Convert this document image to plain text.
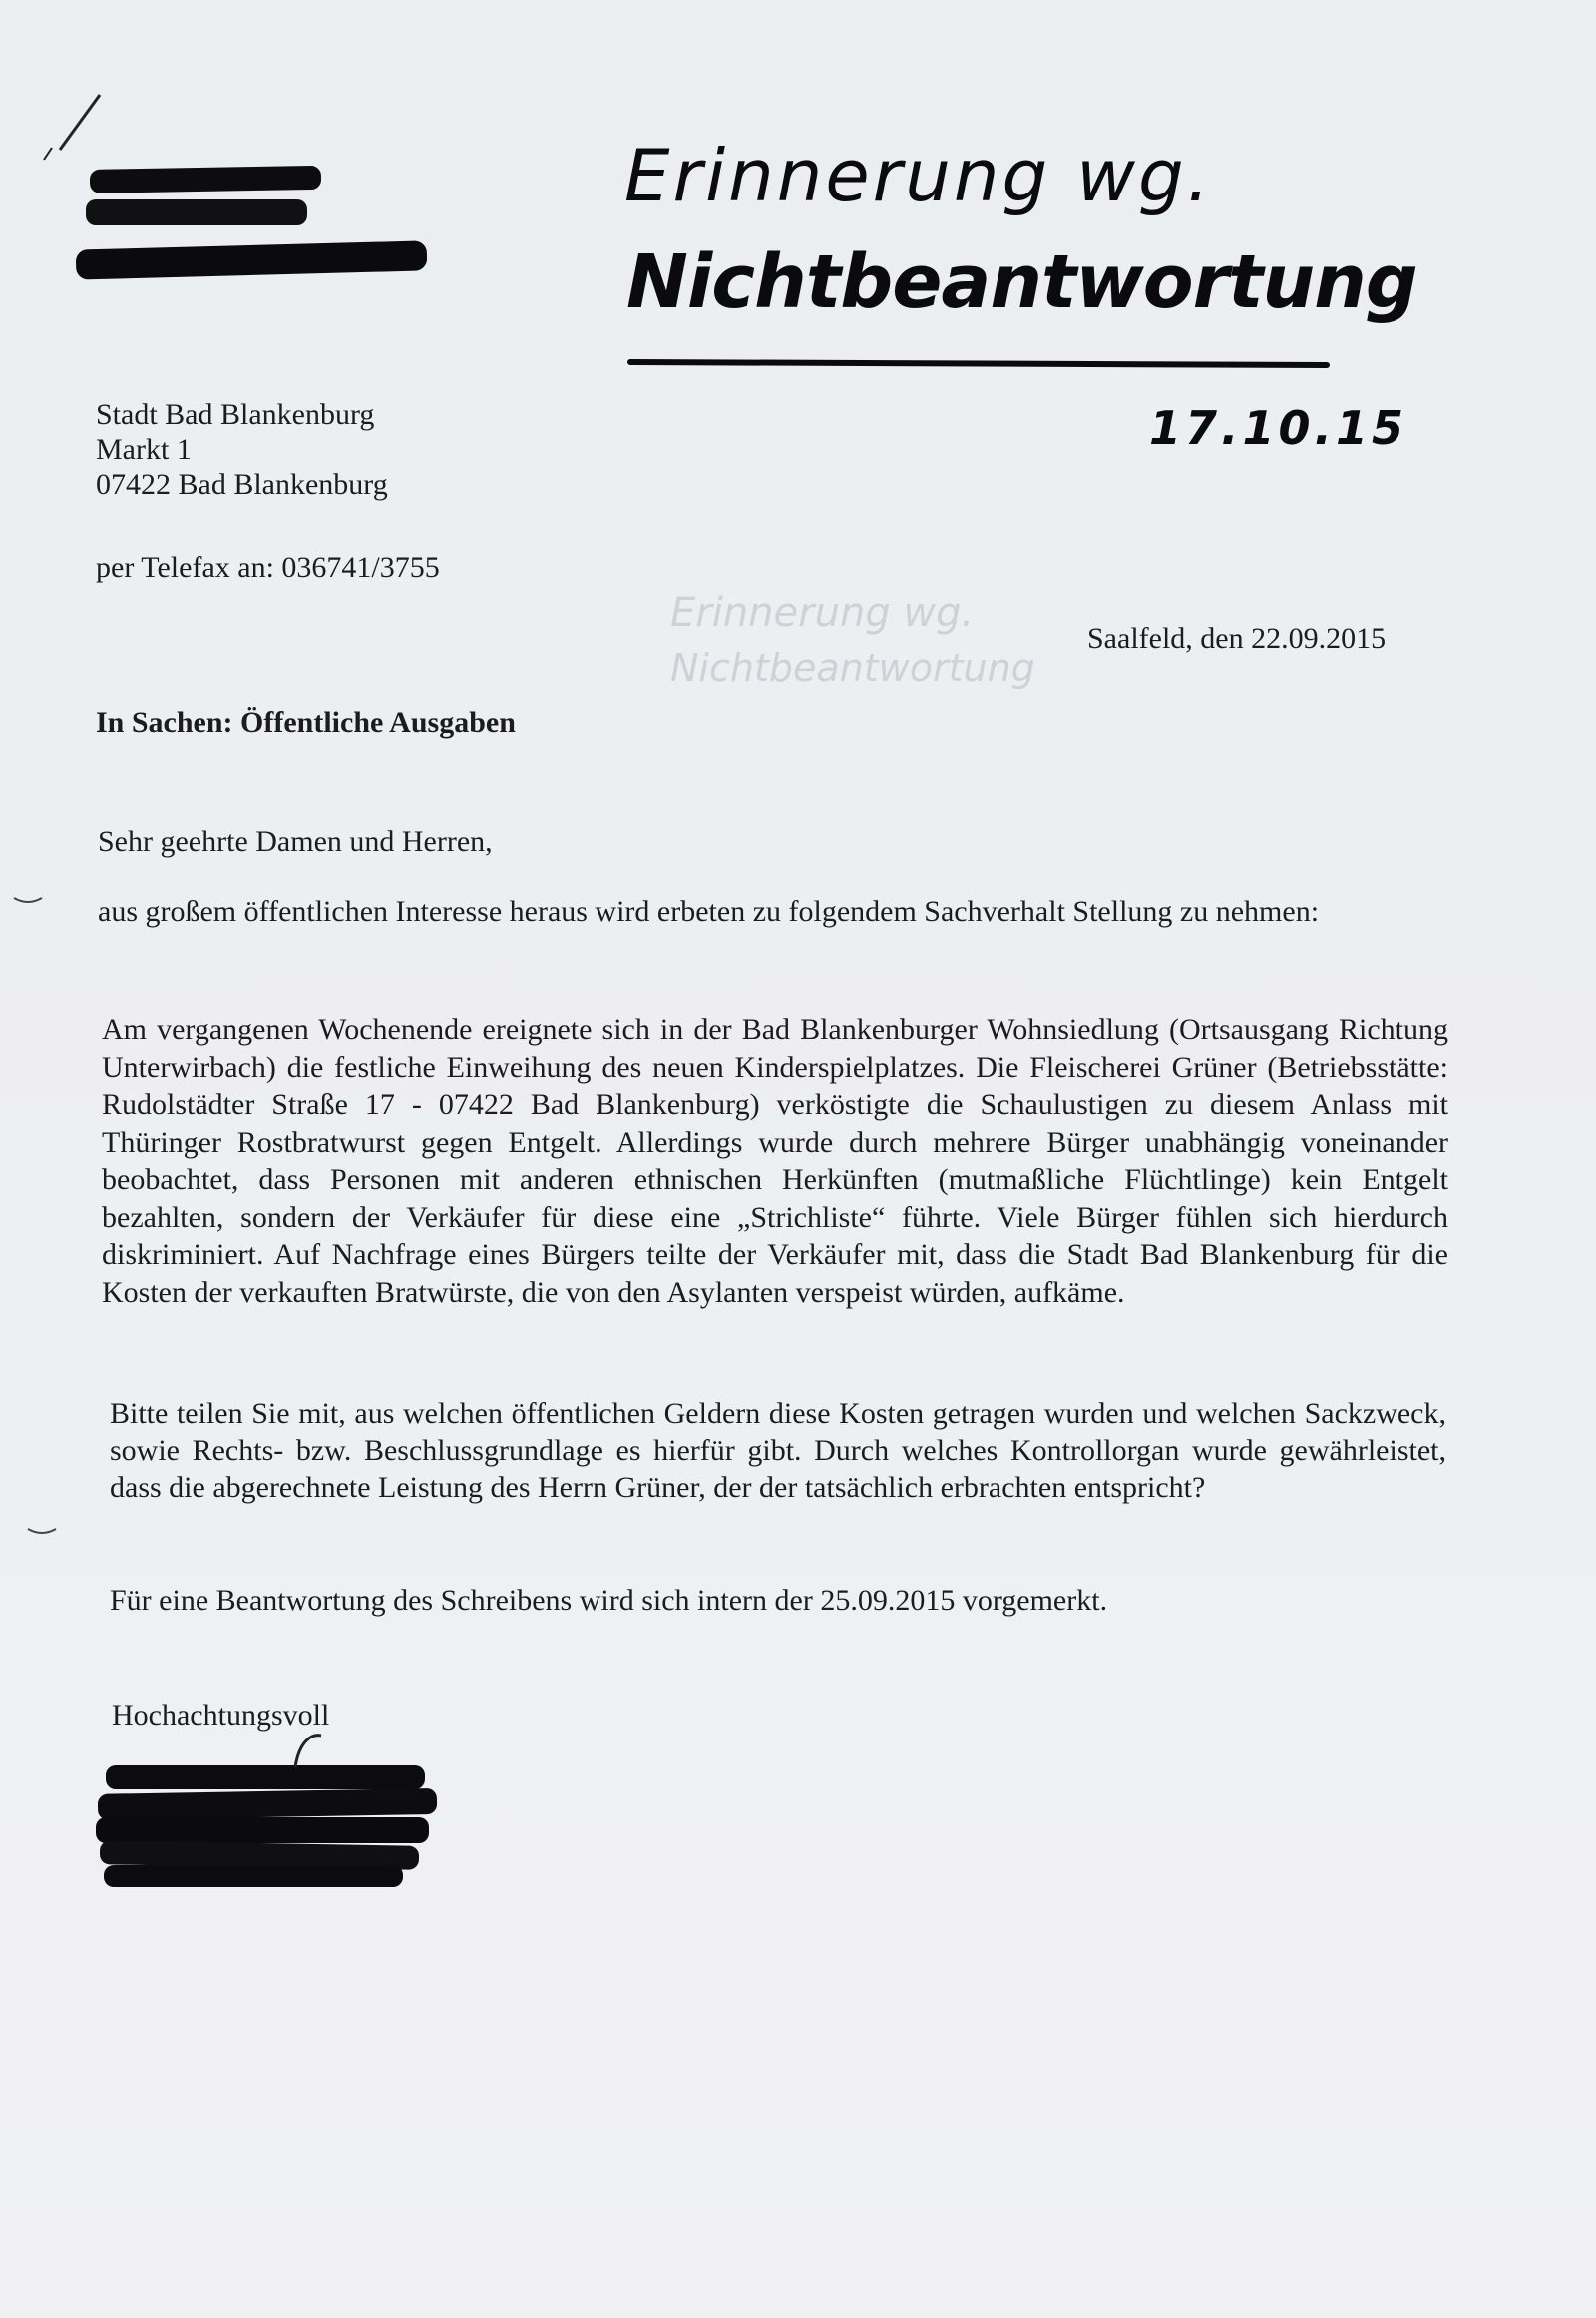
Erinnerung wg.
Nichtbeantwortung
Erinnerung wg.
Nichtbeantwortung
17.10.15
Stadt Bad Blankenburg
Markt 1
07422 Bad Blankenburg
per Telefax an: 036741/3755
Saalfeld, den 22.09.2015
In Sachen: Öffentliche Ausgaben
Sehr geehrte Damen und Herren,

aus großem öffentlichen Interesse heraus wird erbeten zu folgendem Sachverhalt Stellung zu nehmen:

Am vergangenen Wochenende ereignete sich in der Bad Blankenburger Wohnsiedlung (Ortsausgang Richtung Unterwirbach) die festliche Einweihung des neuen Kinderspielplatzes. Die Fleischerei Grüner (Betriebsstätte: Rudolstädter Straße 17 - 07422 Bad Blankenburg) verköstigte die Schaulustigen zu diesem Anlass mit Thüringer Rostbratwurst gegen Entgelt. Allerdings wurde durch mehrere Bürger unabhängig voneinander beobachtet, dass Personen mit anderen ethnischen Herkünften (mutmaßliche Flüchtlinge) kein Entgelt bezahlten, sondern der Verkäufer für diese eine „Strichliste“ führte. Viele Bürger fühlen sich hierdurch diskriminiert. Auf Nachfrage eines Bürgers teilte der Verkäufer mit, dass die Stadt Bad Blankenburg für die Kosten der verkauften Bratwürste, die von den Asylanten verspeist würden, aufkäme.

Bitte teilen Sie mit, aus welchen öffentlichen Geldern diese Kosten getragen wurden und welchen Sackzweck, sowie Rechts- bzw. Beschlussgrundlage es hierfür gibt. Durch welches Kontrollorgan wurde gewährleistet, dass die abgerechnete Leistung des Herrn Grüner, der der tatsächlich erbrachten entspricht?

Für eine Beantwortung des Schreibens wird sich intern der 25.09.2015 vorgemerkt.

Hochachtungsvoll
